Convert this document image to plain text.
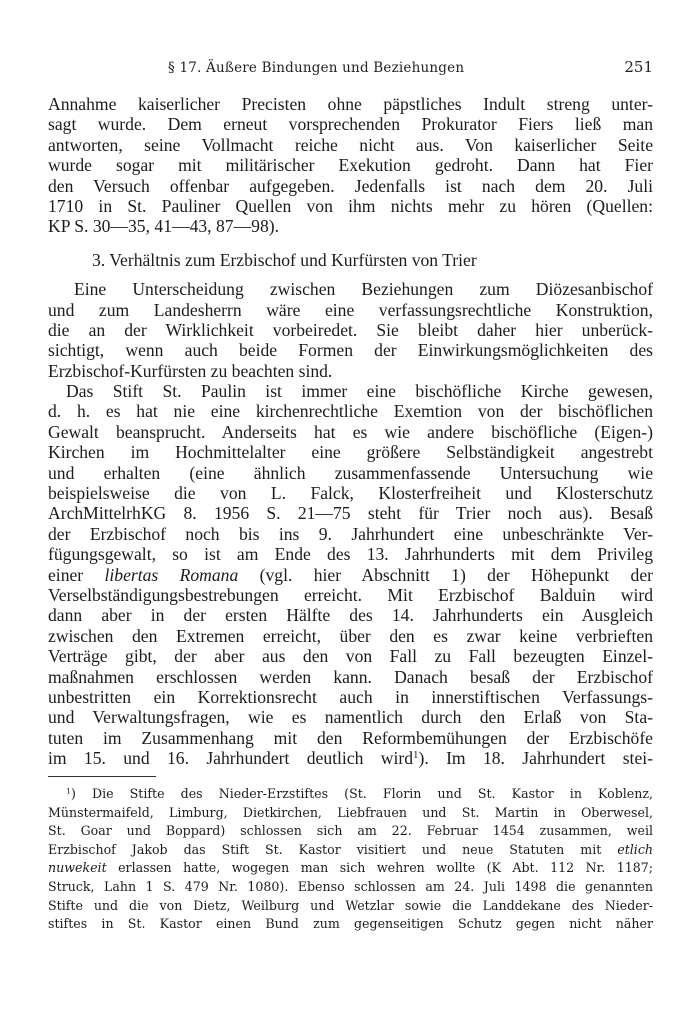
§ 17. Äußere Bindungen und Beziehungen	251
Annahme kaiserlicher Precisten ohne päpstliches Indult streng unter-
sagt wurde. Dem erneut vorsprechenden Prokurator Fiers ließ man
antworten, seine Vollmacht reiche nicht aus. Von kaiserlicher Seite
wurde sogar mit militärischer Exekution gedroht. Dann hat Fier
den Versuch offenbar aufgegeben. Jedenfalls ist nach dem 20. Juli
1710 in St. Pauliner Quellen von ihm nichts mehr zu hören (Quellen:
KP S. 30—35, 41—43, 87—98).
3. Verhältnis zum Erzbischof und Kurfürsten von Trier
Eine Unterscheidung zwischen Beziehungen zum Diözesanbischof
und zum Landesherrn wäre eine verfassungsrechtliche Konstruktion,
die an der Wirklichkeit vorbeiredet. Sie bleibt daher hier unberück-
sichtigt, wenn auch beide Formen der Einwirkungsmöglichkeiten des
Erzbischof-Kurfürsten zu beachten sind.
Das Stift St. Paulin ist immer eine bischöfliche Kirche gewesen,
d. h. es hat nie eine kirchenrechtliche Exemtion von der bischöflichen
Gewalt beansprucht. Anderseits hat es wie andere bischöfliche (Eigen-)
Kirchen im Hochmittelalter eine größere Selbständigkeit angestrebt
und erhalten (eine ähnlich zusammenfassende Untersuchung wie
beispielsweise die von L. Falck, Klosterfreiheit und Klosterschutz
ArchMittelrhKG 8. 1956 S. 21—75 steht für Trier noch aus). Besaß
der Erzbischof noch bis ins 9. Jahrhundert eine unbeschränkte Ver-
fügungsgewalt, so ist am Ende des 13. Jahrhunderts mit dem Privileg
einer libertas Romana (vgl. hier Abschnitt 1) der Höhepunkt der
Verselbständigungsbestrebungen erreicht. Mit Erzbischof Balduin wird
dann aber in der ersten Hälfte des 14. Jahrhunderts ein Ausgleich
zwischen den Extremen erreicht, über den es zwar keine verbrieften
Verträge gibt, der aber aus den von Fall zu Fall bezeugten Einzel-
maßnahmen erschlossen werden kann. Danach besaß der Erzbischof
unbestritten ein Korrektionsrecht auch in innerstiftischen Verfassungs-
und Verwaltungsfragen, wie es namentlich durch den Erlaß von Sta-
tuten im Zusammenhang mit den Reformbemühungen der Erzbischöfe
im 15. und 16. Jahrhundert deutlich wird$^1$). Im 18. Jahrhundert stei-
$^1$) Die Stifte des Nieder-Erzstiftes (St. Florin und St. Kastor in Koblenz,
Münstermaifeld, Limburg, Dietkirchen, Liebfrauen und St. Martin in Oberwesel,
St. Goar und Boppard) schlossen sich am 22. Februar 1454 zusammen, weil
Erzbischof Jakob das Stift St. Kastor visitiert und neue Statuten mit etlich
nuwekeit erlassen hatte, wogegen man sich wehren wollte (K Abt. 112 Nr. 1187;
Struck, Lahn 1 S. 479 Nr. 1080). Ebenso schlossen am 24. Juli 1498 die genannten
Stifte und die von Dietz, Weilburg und Wetzlar sowie die Landdekane des Nieder-
stiftes in St. Kastor einen Bund zum gegenseitigen Schutz gegen nicht näher
